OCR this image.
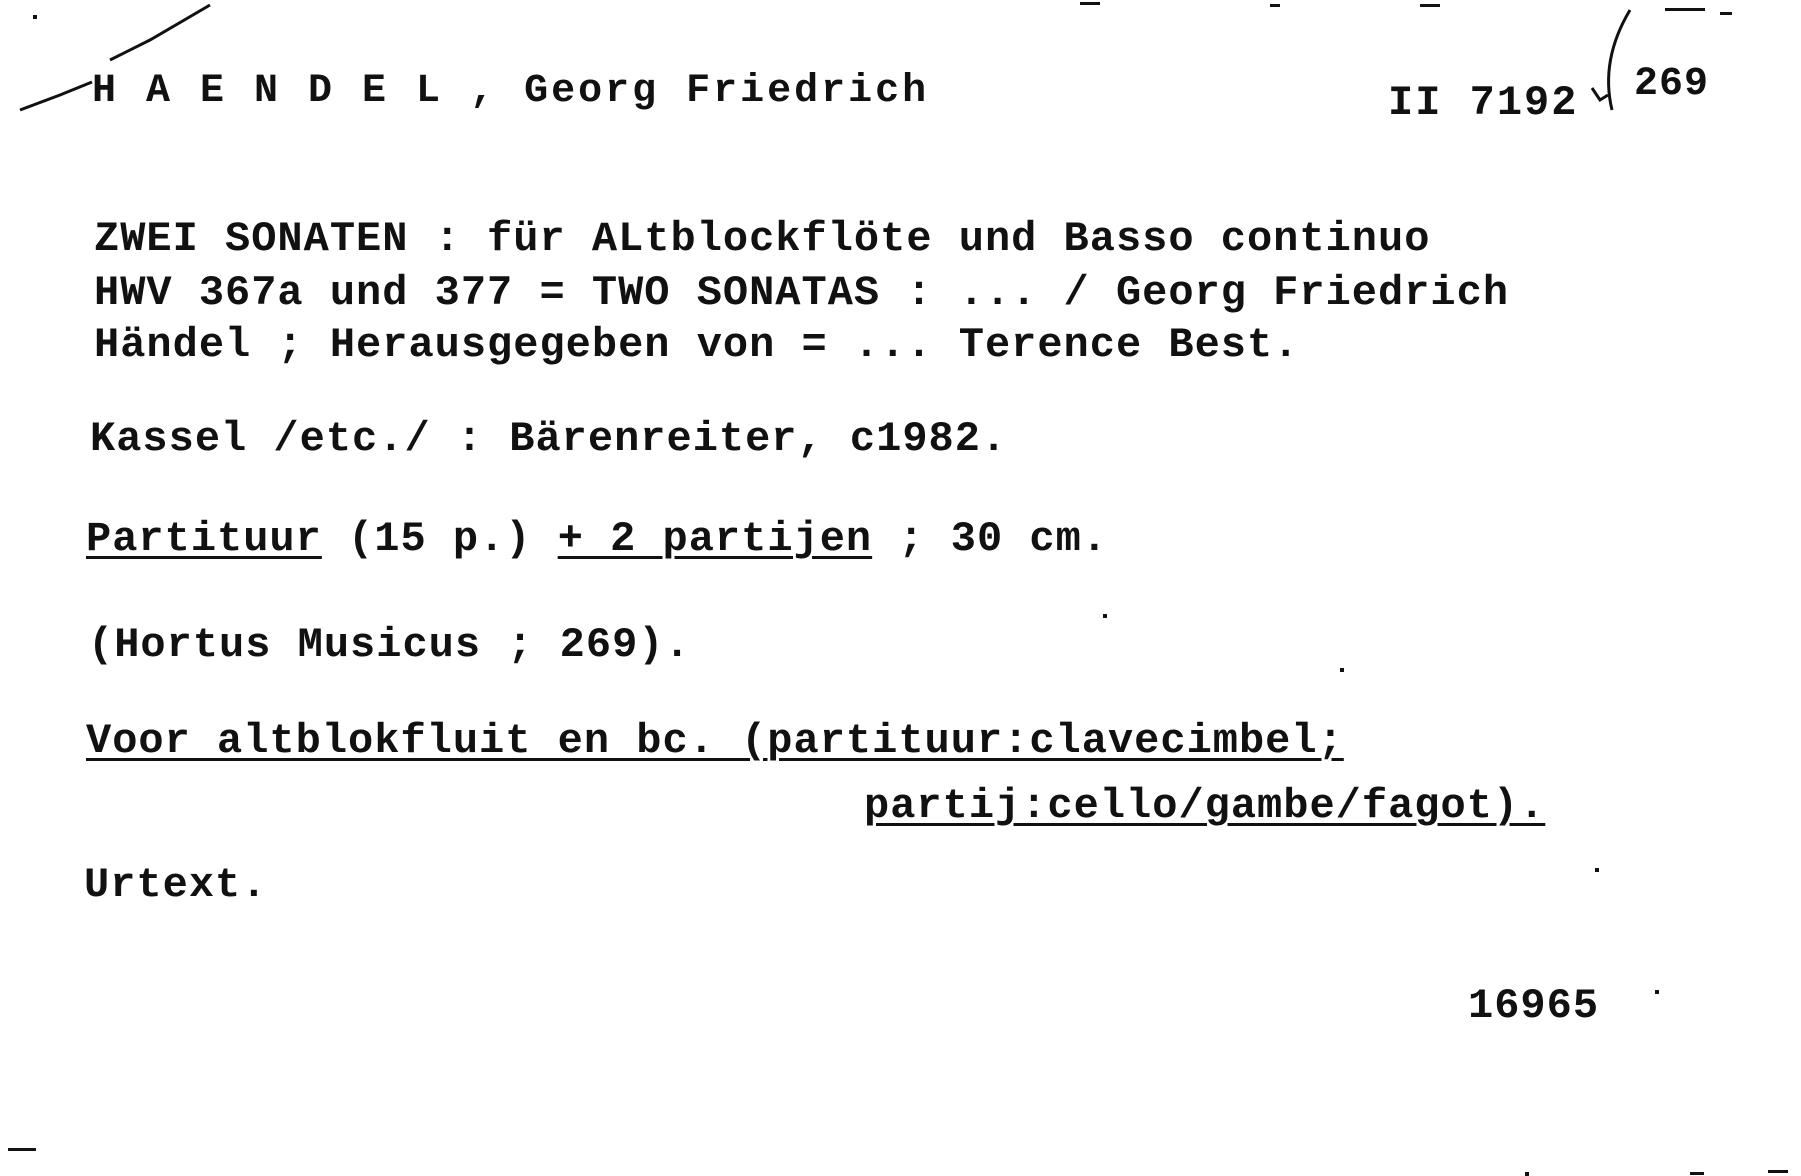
H A E N D E L , Georg Friedrich	II 7192 269
ZWEI SONATEN : für ALtblockflöte und Basso continuo
HWV 367a und 377 = TWO SONATAS : ... / Georg Friedrich
Händel ; Herausgegeben von = ... Terence Best.
Kassel /etc./ : Bärenreiter, c1982.
Partituur (15 p.) + 2 partijen ; 30 cm.
(Hortus Musicus ; 269).
Voor altblokfluit en bc. (partituur:clavecimbel;
partij:cello/gambe/fagot).
Urtext.
16965
